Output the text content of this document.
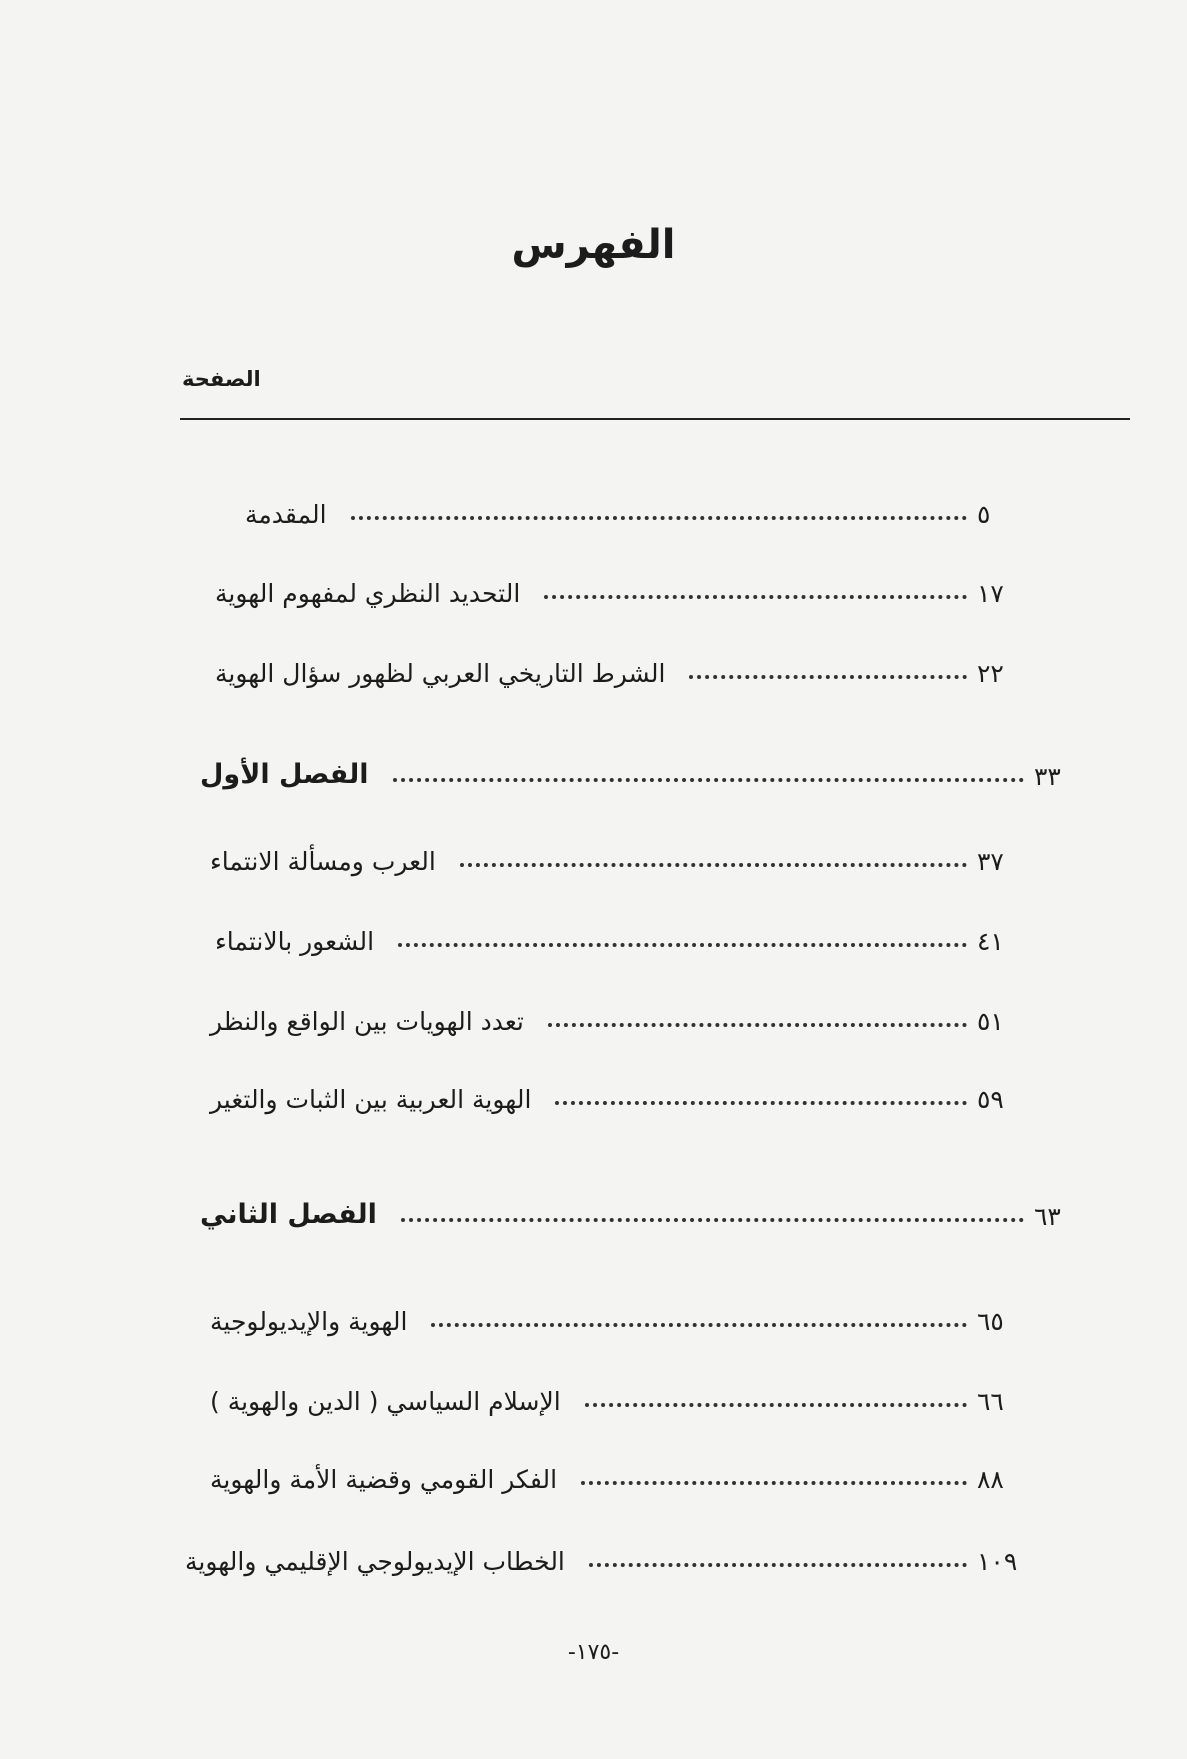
الفهرس
الصفحة
المقدمة	٥
التحديد النظري لمفهوم الهوية	١٧
الشرط التاريخي العربي لظهور سؤال الهوية	٢٢
الفصل الأول	٣٣
العرب ومسألة الانتماء	٣٧
الشعور بالانتماء	٤١
تعدد الهويات بين الواقع والنظر	٥١
الهوية العربية بين الثبات والتغير	٥٩
الفصل الثاني	٦٣
الهوية والإيديولوجية	٦٥
الإسلام السياسي ( الدين والهوية )	٦٦
الفكر القومي وقضية الأمة والهوية	٨٨
الخطاب الإيديولوجي الإقليمي والهوية	١٠٩
-١٧٥-
